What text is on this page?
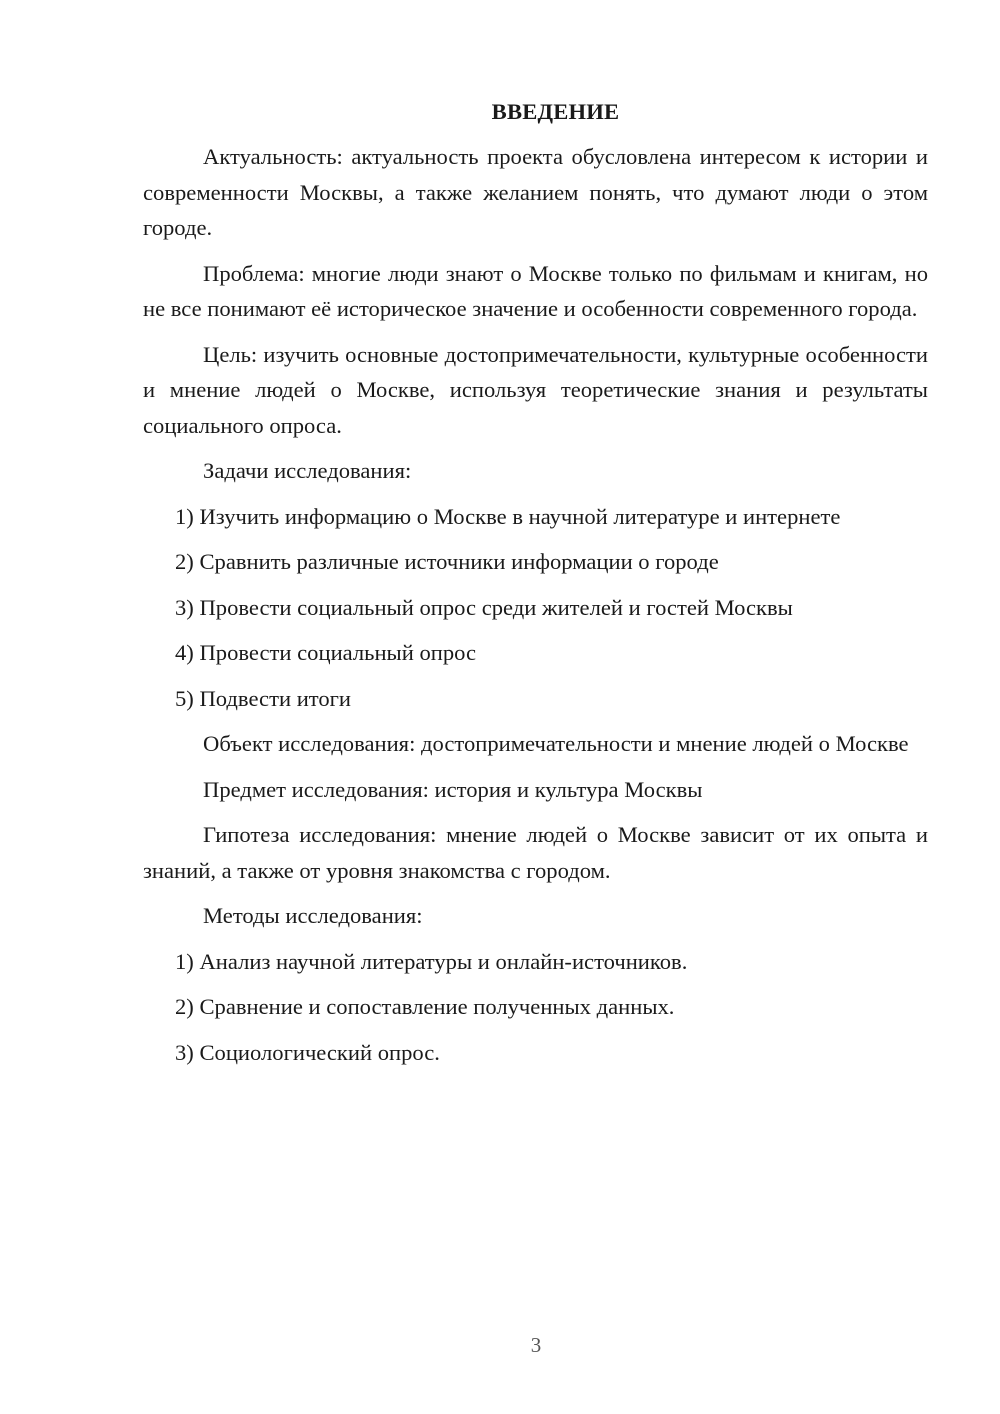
ВВЕДЕНИЕ

Актуальность: актуальность проекта обусловлена интересом к истории и современности Москвы, а также желанием понять, что думают люди о этом городе.

Проблема: многие люди знают о Москве только по фильмам и книгам, но не все понимают её историческое значение и особенности современного города.

Цель: изучить основные достопримечательности, культурные особенности и мнение людей о Москве, используя теоретические знания и результаты социального опроса.

Задачи исследования:

1) Изучить информацию о Москве в научной литературе и интернете

2) Сравнить различные источники информации о городе

3) Провести социальный опрос среди жителей и гостей Москвы

4) Провести социальный опрос

5) Подвести итоги

Объект исследования: достопримечательности и мнение людей о Москве

Предмет исследования: история и культура Москвы

Гипотеза исследования: мнение людей о Москве зависит от их опыта и знаний, а также от уровня знакомства с городом.

Методы исследования:

1) Анализ научной литературы и онлайн-источников.

2) Сравнение и сопоставление полученных данных.

3) Социологический опрос.

3
